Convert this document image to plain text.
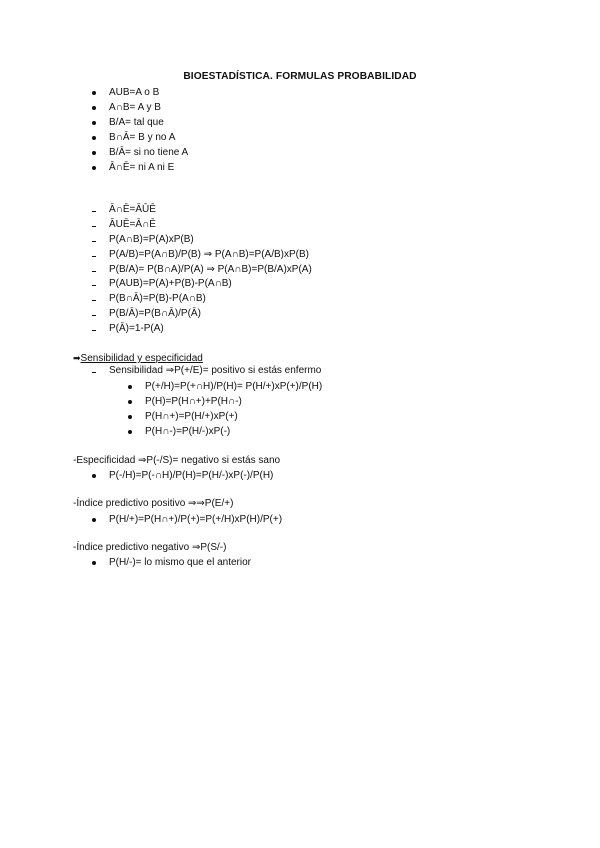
BIOESTADÍSTICA. FORMULAS PROBABILIDAD
AUB=A o B
A∩B= A y B
B/A= tal que
B∩Ā= B y no A
B/Ā= si no tiene A
Ā∩Ē= ni A ni E
Ā∩Ē=ĀŪĒ
ĀUĒ=Ā∩Ē
P(A∩B)=P(A)xP(B)
P(A/B)=P(A∩B)/P(B) ⇒ P(A∩B)=P(A/B)xP(B)
P(B/A)= P(B∩A)/P(A) ⇒ P(A∩B)=P(B/A)xP(A)
P(AUB)=P(A)+P(B)-P(A∩B)
P(B∩Ā)=P(B)-P(A∩B)
P(B/Ā)=P(B∩Ā)/P(Ā)
P(Ā)=1-P(A)
➡Sensibilidad y especificidad
Sensibilidad ⇒P(+/E)= positivo si estás enfermo
P(+/H)=P(+∩H)/P(H)= P(H/+)xP(+)/P(H)
P(H)=P(H∩+)+P(H∩-)
P(H∩+)=P(H/+)xP(+)
P(H∩-)=P(H/-)xP(-)
-Especificidad ⇒P(-/S)= negativo si estás sano
P(-/H)=P(-∩H)/P(H)=P(H/-)xP(-)/P(H)
-Índice predictivo positivo ⇒⇒P(E/+)
P(H/+)=P(H∩+)/P(+)=P(+/H)xP(H)/P(+)
-Índice predictivo negativo ⇒P(S/-)
P(H/-)= lo mismo que el anterior
